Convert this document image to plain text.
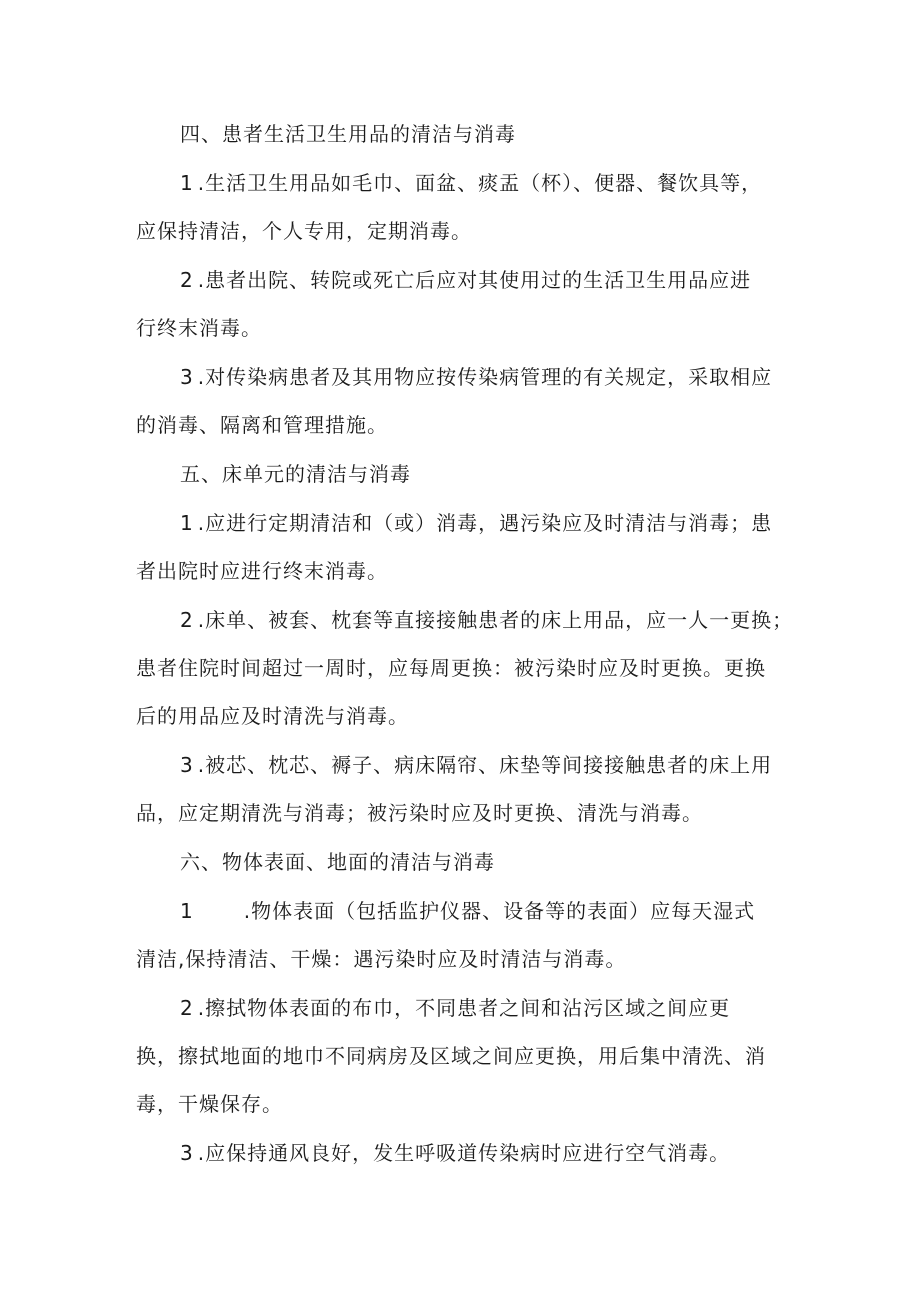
四、患者生活卫生用品的清洁与消毒

1 .生活卫生用品如毛巾、面盆、痰盂（杯）、便器、餐饮具等，
应保持清洁，个人专用，定期消毒。
2 .患者出院、转院或死亡后应对其使用过的生活卫生用品应进
行终末消毒。
3 .对传染病患者及其用物应按传染病管理的有关规定，采取相应
的消毒、隔离和管理措施。

五、床单元的清洁与消毒

1 .应进行定期清洁和（或）消毒，遇污染应及时清洁与消毒；患
者出院时应进行终末消毒。
2 .床单、被套、枕套等直接接触患者的床上用品，应一人一更换；
患者住院时间超过一周时，应每周更换：被污染时应及时更换。更换
后的用品应及时清洗与消毒。
3 .被芯、枕芯、褥子、病床隔帘、床垫等间接接触患者的床上用
品，应定期清洗与消毒；被污染时应及时更换、清洗与消毒。

六、物体表面、地面的清洁与消毒

1	.物体表面（包括监护仪器、设备等的表面）应每天湿式
清洁,保持清洁、干燥：遇污染时应及时清洁与消毒。
2 .擦拭物体表面的布巾，不同患者之间和沾污区域之间应更
换，擦拭地面的地巾不同病房及区域之间应更换，用后集中清洗、消
毒，干燥保存。
3 .应保持通风良好，发生呼吸道传染病时应进行空气消毒。
